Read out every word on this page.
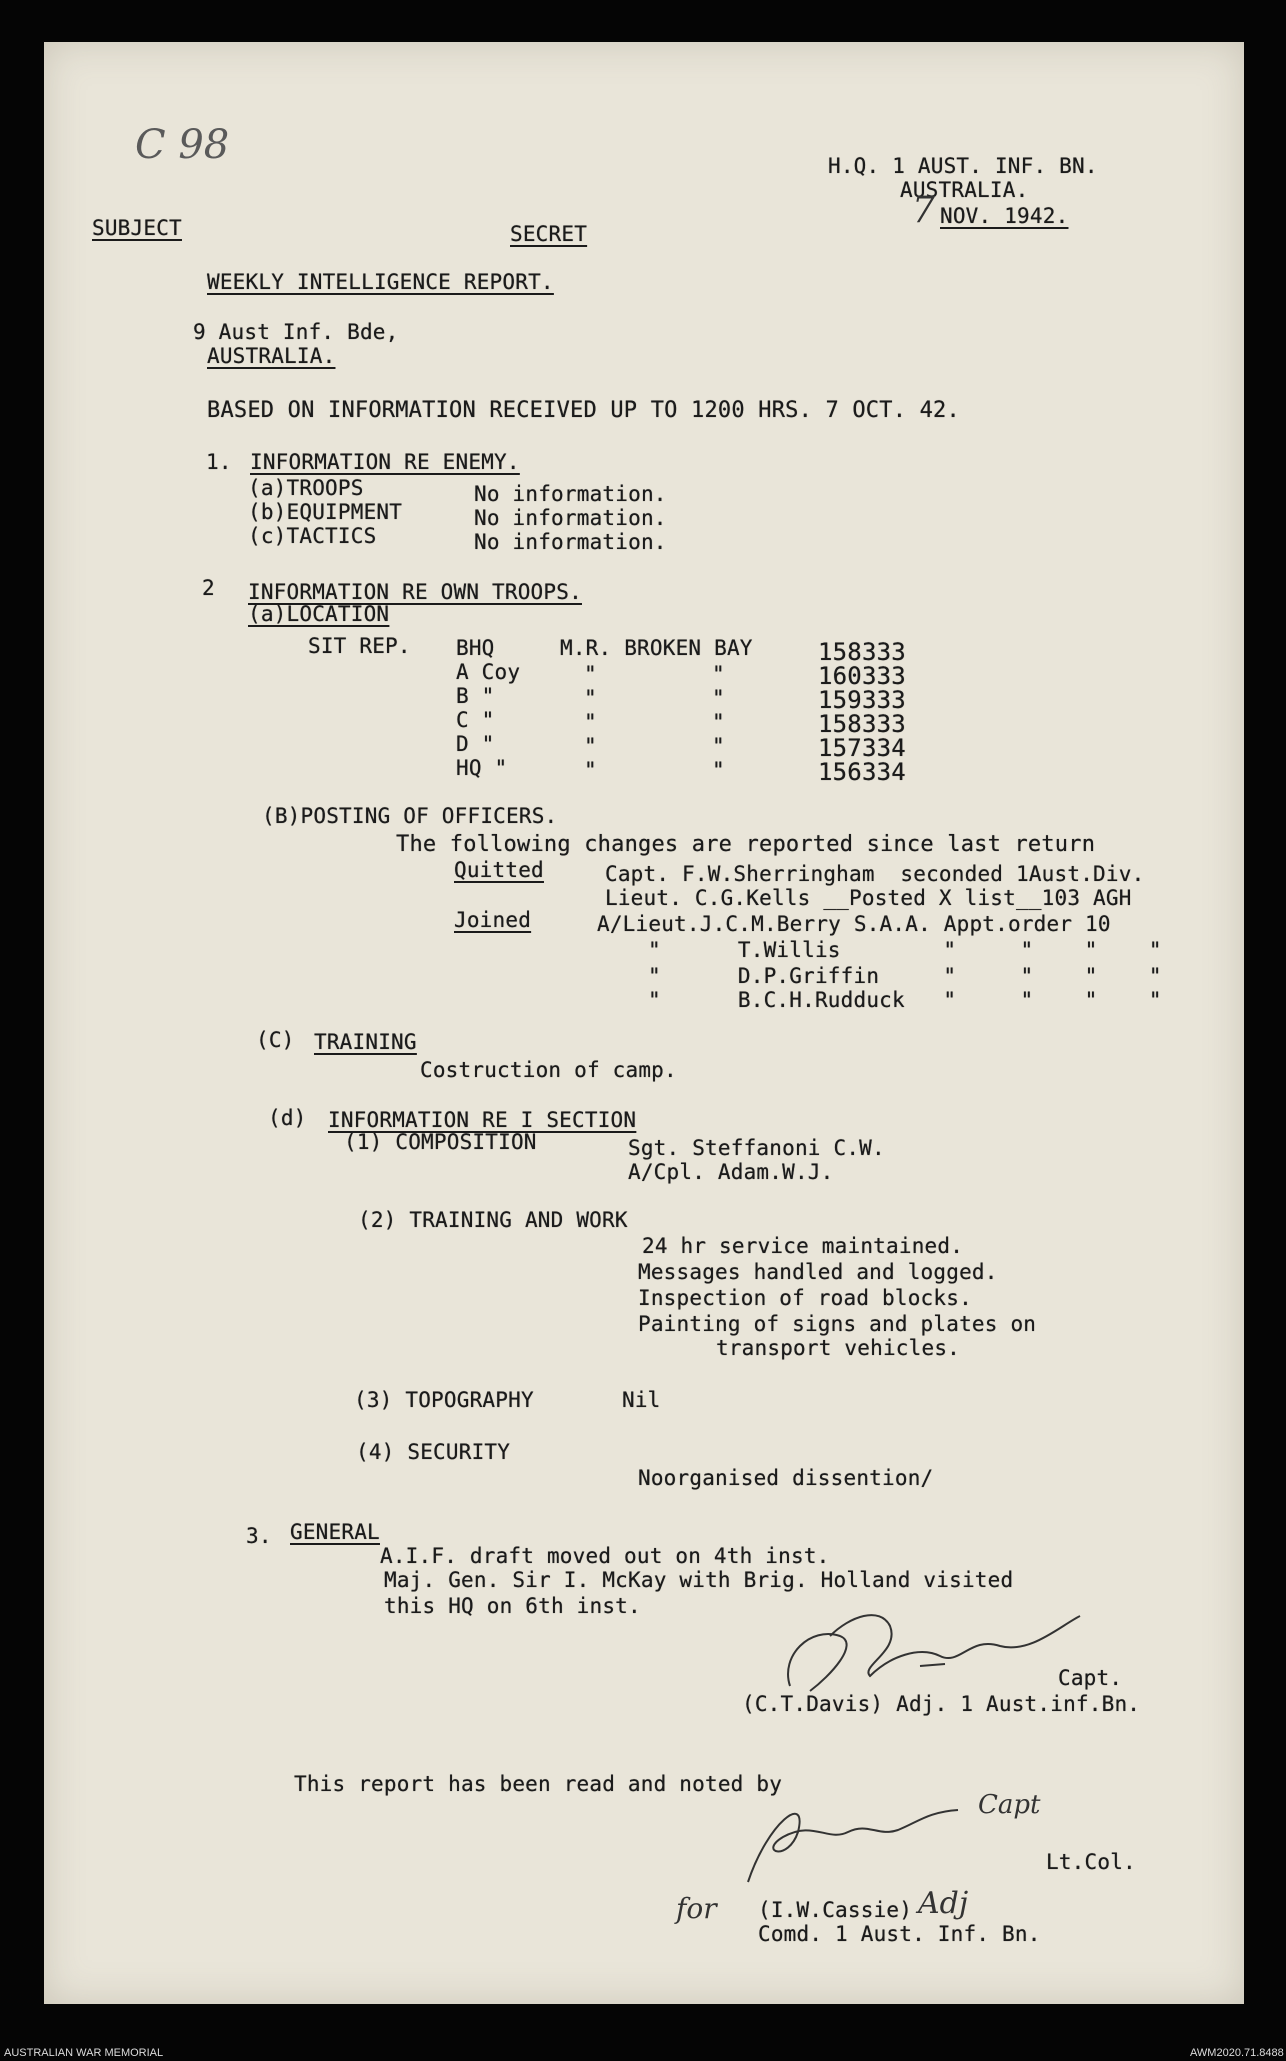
C 98	H.Q. 1 AUST. INF. BN.
AUSTRALIA.
7 NOV. 1942.
SUBJECT	SECRET
WEEKLY INTELLIGENCE REPORT.
9 Aust Inf. Bde,
AUSTRALIA.
BASED ON INFORMATION RECEIVED UP TO 1200 HRS. 7 OCT. 42.
1. INFORMATION RE ENEMY.
(a)TROOPS	No information.
(b)EQUIPMENT	No information.
(c)TACTICS	No information.
2 INFORMATION RE OWN TROOPS.
(a)LOCATION
SIT REP. BHQ	M.R. BROKEN BAY	158333
A Coy	"	"	160333
B "	"	"	159333
C "	"	"	158333
D "	"	"	157334
HQ "	"	"	156334
(B)POSTING OF OFFICERS.
The following changes are reported since last return
Quitted	Capt. F.W.Sherringham  seconded 1Aust.Div.
Lieut. C.G.Kells __Posted X list__103 AGH
Joined	A/Lieut.J.C.M.Berry S.A.A. Appt.order 10
"      T.Willis        "     "    "    "
"      D.P.Griffin     "     "    "    "
"      B.C.H.Rudduck   "     "    "    "
(C) TRAINING
Costruction of camp.
(d) INFORMATION RE I SECTION
(1) COMPOSITION	Sgt. Steffanoni C.W.
A/Cpl. Adam.W.J.
(2) TRAINING AND WORK
24 hr service maintained.
Messages handled and logged.
Inspection of road blocks.
Painting of signs and plates on
transport vehicles.
(3) TOPOGRAPHY	Nil
(4) SECURITY
Noorganised dissention/
3. GENERAL
A.I.F. draft moved out on 4th inst.
Maj. Gen. Sir I. McKay with Brig. Holland visited
this HQ on 6th inst.
Capt.
(C.T.Davis) Adj. 1 Aust.inf.Bn.
This report has been read and noted by
Capt
Lt.Col.
for (I.W.Cassie) Adj
Comd. 1 Aust. Inf. Bn.
AUSTRALIAN WAR MEMORIAL	AWM2020.71.8488
